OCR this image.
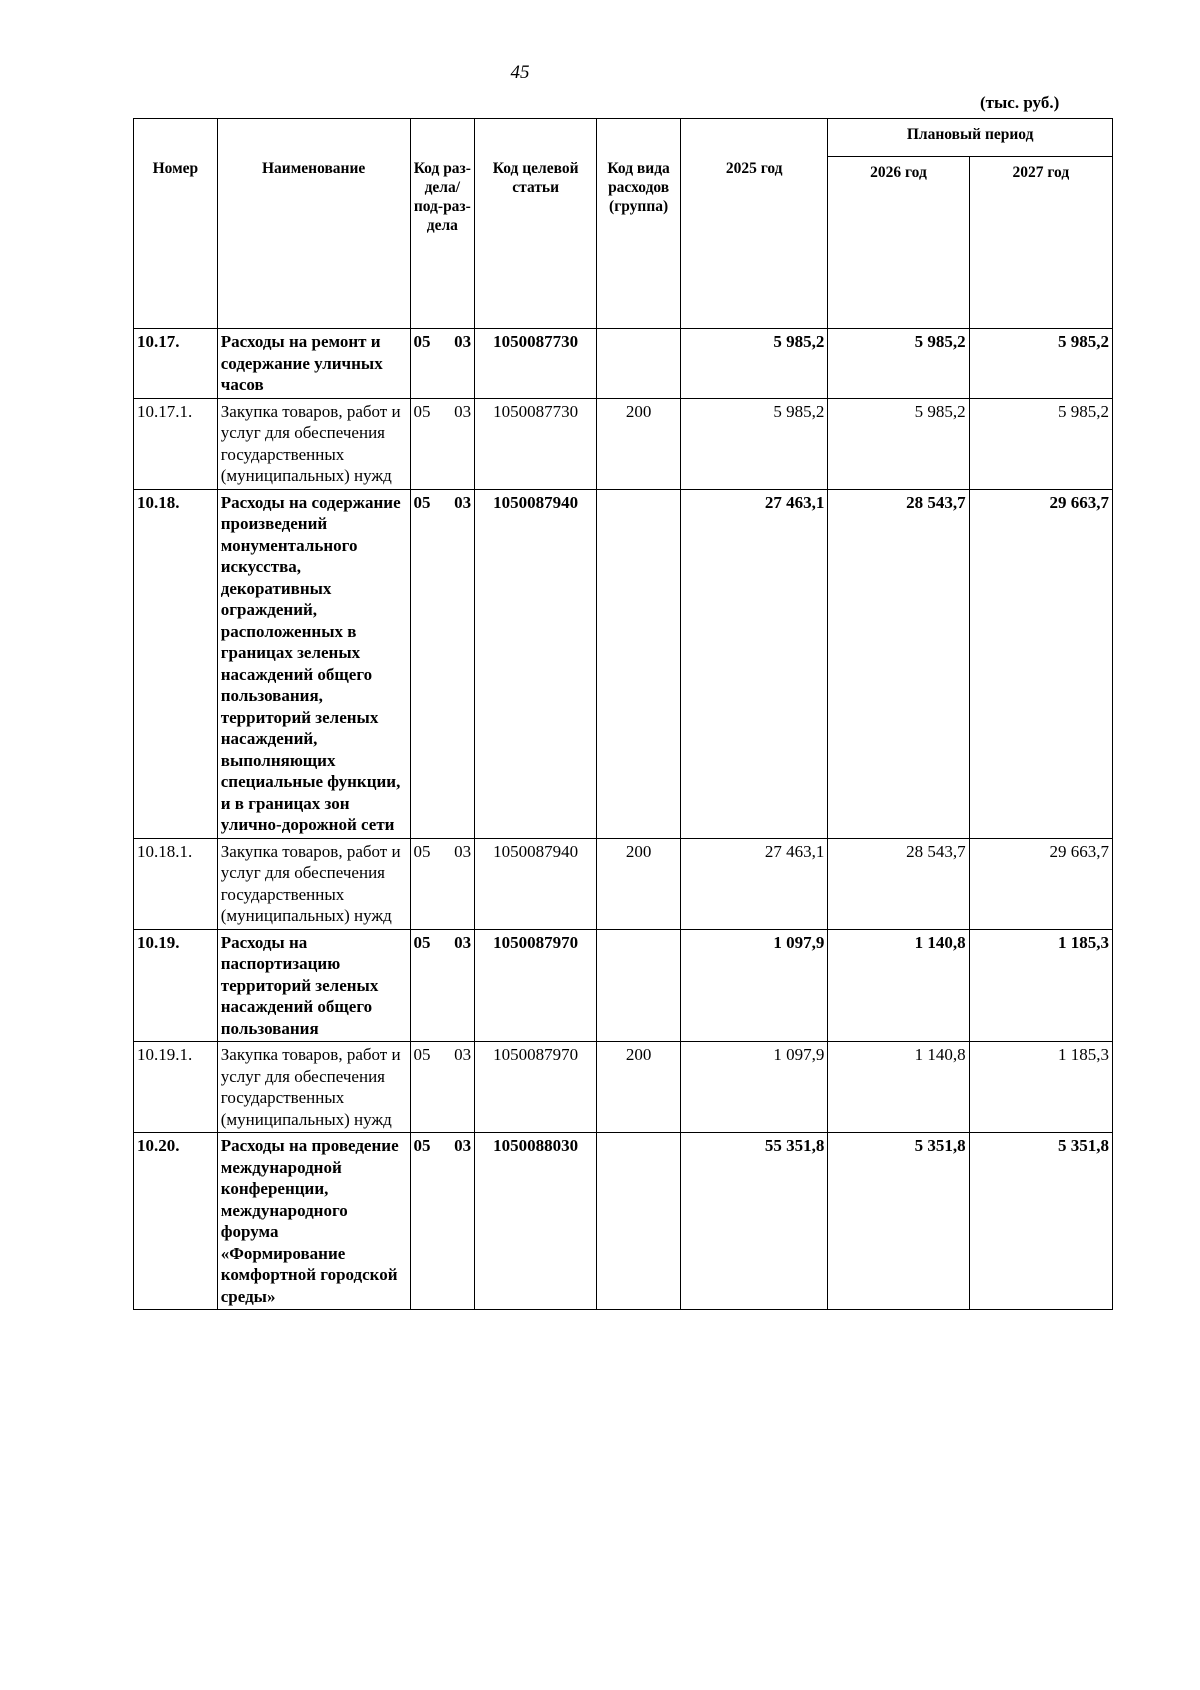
45
(тыс. руб.)
Номер	Наименование	Код раз-дела/ под-раз-дела	Код целевой статьи	Код вида расходов (группа)	2025 год	Плановый период	
						2026 год	2027 год
10.17.	Расходы на ремонт и содержание уличных часов	05 03	1050087730		5 985,2	5 985,2	5 985,2
10.17.1.	Закупка товаров, работ и услуг для обеспечения государственных (муниципальных) нужд	05 03	1050087730	200	5 985,2	5 985,2	5 985,2
10.18.	Расходы на содержание произведений монументального искусства, декоративных ограждений, расположенных в границах зеленых насаждений общего пользования, территорий зеленых насаждений, выполняющих специальные функции, и в границах зон улично-дорожной сети	05 03	1050087940		27 463,1	28 543,7	29 663,7
10.18.1.	Закупка товаров, работ и услуг для обеспечения государственных (муниципальных) нужд	05 03	1050087940	200	27 463,1	28 543,7	29 663,7
10.19.	Расходы на паспортизацию территорий зеленых насаждений общего пользования	05 03	1050087970		1 097,9	1 140,8	1 185,3
10.19.1.	Закупка товаров, работ и услуг для обеспечения государственных (муниципальных) нужд	05 03	1050087970	200	1 097,9	1 140,8	1 185,3
10.20.	Расходы на проведение международной конференции, международного форума «Формирование комфортной городской среды»	05 03	1050088030		55 351,8	5 351,8	5 351,8
